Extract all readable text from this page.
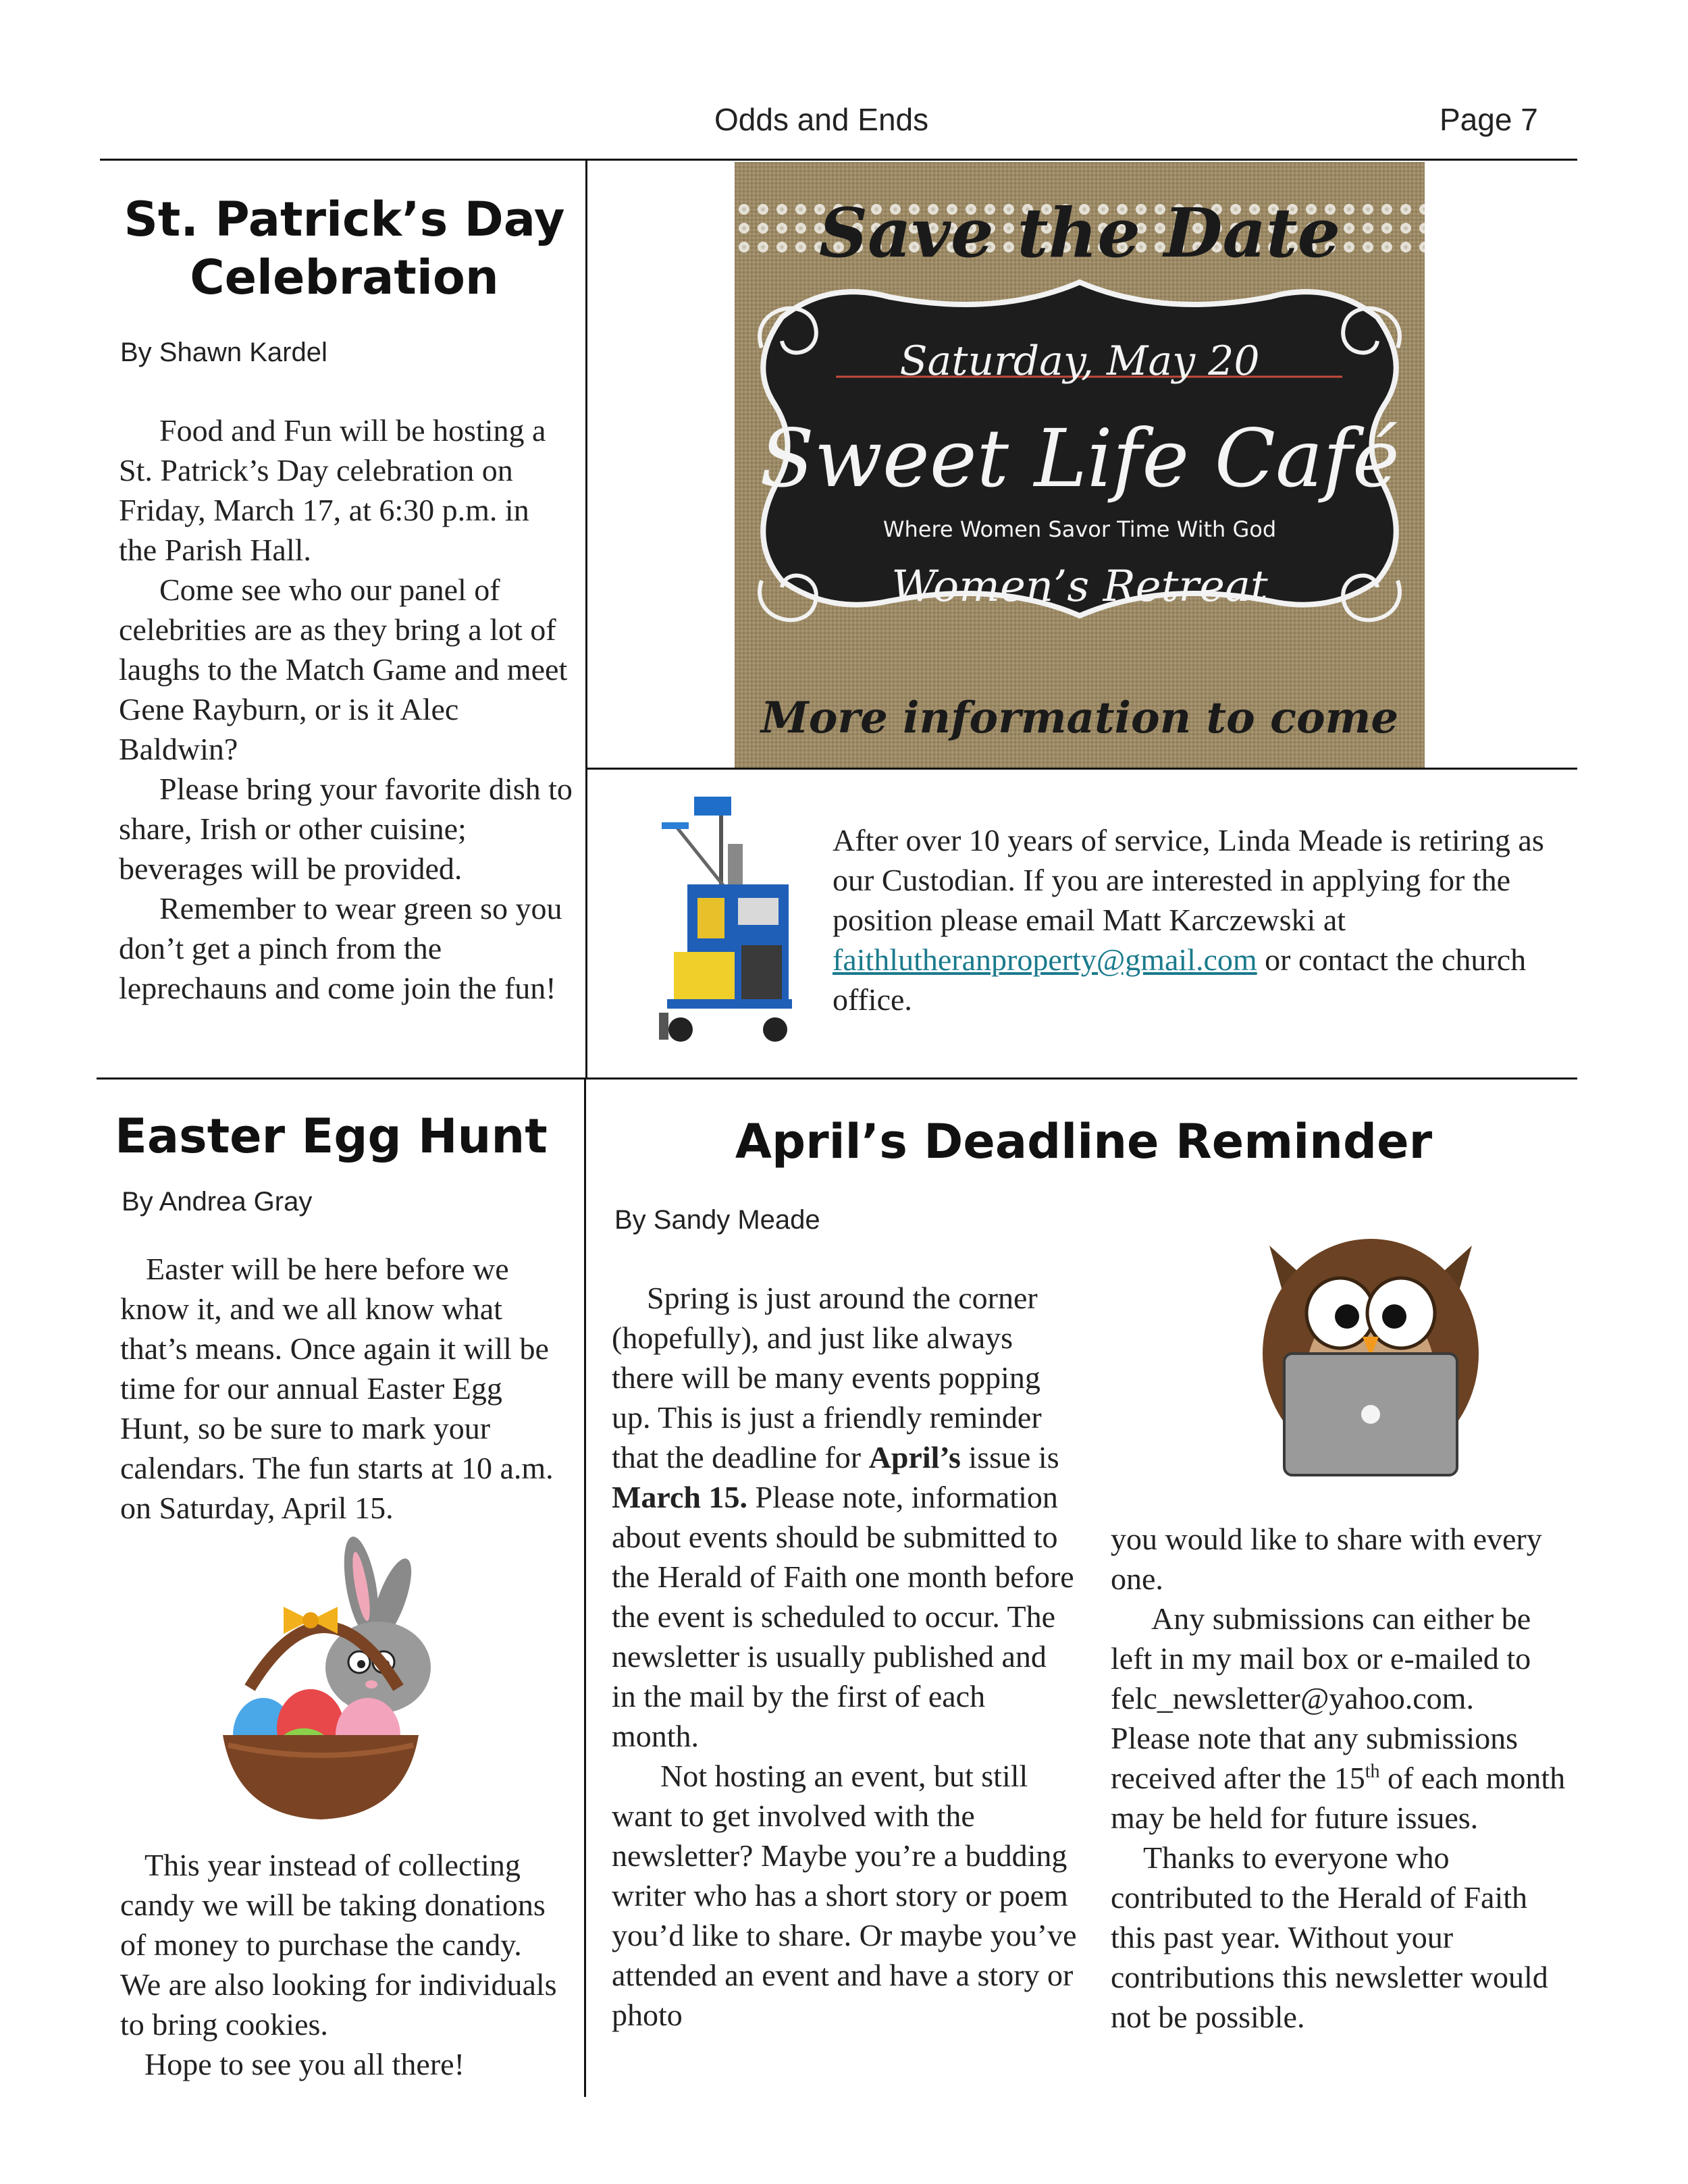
Odds and Ends	Page 7
St. Patrick’s Day
Celebration
By Shawn Kardel

Food and Fun will be hosting a St. Patrick’s Day celebration on Friday, March 17, at 6:30 p.m. in the Parish Hall.

Come see who our panel of celebrities are as they bring a lot of laughs to the Match Game and meet Gene Rayburn, or is it Alec Baldwin?

Please bring your favorite dish to share, Irish or other cuisine; beverages will be provided.

Remember to wear green so you don’t get a pinch from the leprechauns and come join the fun!

Save the Date
Saturday, May 20
Sweet Life Café
Where Women Savor Time With God
Women’s Retreat
More information to come

After over 10 years of service, Linda Meade is retiring as our Custodian. If you are interested in applying for the position please email Matt Karczewski at faithlutheranproperty@gmail.com or contact the church office.

Easter Egg Hunt
By Andrea Gray

Easter will be here before we know it, and we all know what that’s means. Once again it will be time for our annual Easter Egg Hunt, so be sure to mark your calendars. The fun starts at 10 a.m. on Saturday, April 15.

This year instead of collecting candy we will be taking donations of money to purchase the candy. We are also looking for individuals to bring cookies.

Hope to see you all there!

April’s Deadline Reminder
By Sandy Meade

Spring is just around the corner (hopefully), and just like always there will be many events popping up. This is just a friendly reminder that the deadline for April’s issue is March 15. Please note, information about events should be submitted to the Herald of Faith one month before the event is scheduled to occur. The newsletter is usually published and in the mail by the first of each month.

Not hosting an event, but still want to get involved with the newsletter? Maybe you’re a budding writer who has a short story or poem you’d like to share. Or maybe you’ve attended an event and have a story or photo

you would like to share with every one.

Any submissions can either be left in my mail box or e-mailed to felc_newsletter@yahoo.com.

Please note that any submissions received after the 15th of each month may be held for future issues.

Thanks to everyone who contributed to the Herald of Faith this past year. Without your contributions this newsletter would not be possible.
